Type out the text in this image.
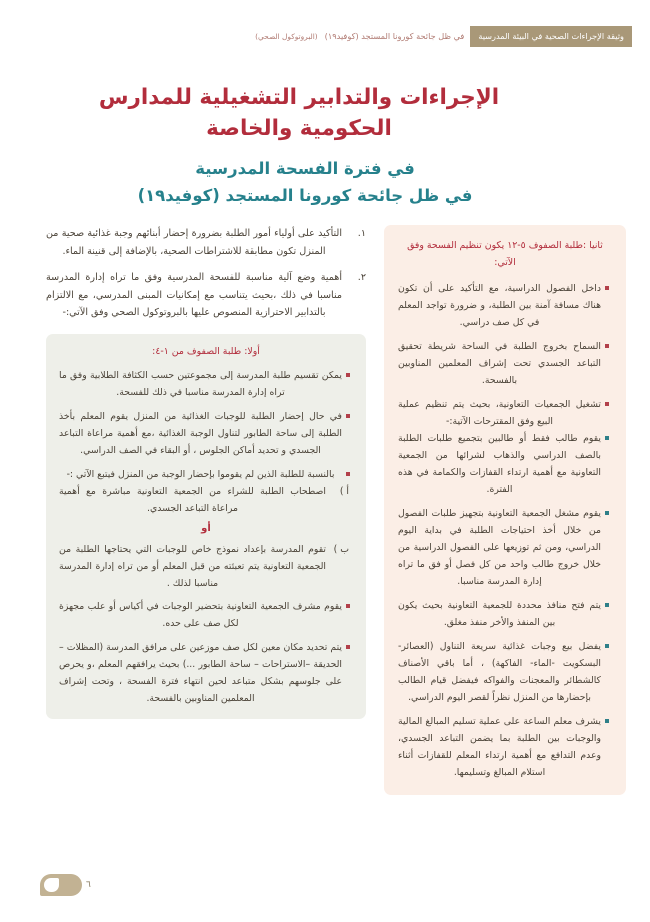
وثيقة الإجراءات الصحية في البيئة المدرسية
في ظل جائحة كورونا المستجد (كوفيد١٩)
(البروتوكول الصحي)
الإجراءات والتدابير التشغيلية للمدارس
الحكومية والخاصة
في فترة الفسحة المدرسية
في ظل جائحة كورونا المستجد (كوفيد١٩)
ثانيا :طلبة الصفوف ٥-١٢ يكون تنظيم الفسحة وفق الآتي:
داخل الفصول الدراسية، مع التأكيد على أن تكون هناك مسافة آمنة بين الطلبة، و ضرورة تواجد المعلم في كل صف دراسي.
السماح بخروج الطلبة في الساحة شريطة تحقيق التباعد الجسدي تحت إشراف المعلمين المناوبين بالفسحة.
تشغيل الجمعيات التعاونية، بحيث يتم تنظيم عملية البيع وفق المقترحات الآتية:-
يقوم طالب فقط أو طالبين بتجميع طلبات الطلبة بالصف الدراسي والذهاب لشرائها من الجمعية التعاونية مع أهمية ارتداء القفازات والكمامة في هذه الفترة.
يقوم مشغل الجمعية التعاونية بتجهيز طلبات الفصول من خلال أخذ احتياجات الطلبة في بداية اليوم الدراسي، ومن ثم توزيعها على الفصول الدراسية من خلال خروج طالب واحد من كل فصل أو فق ما تراه إدارة المدرسة مناسبا.
يتم فتح منافذ محددة للجمعية التعاونية بحيث يكون بين المنفذ والأخر منفذ مغلق.
يفضل بيع وجبات غذائية سريعة التناول (العصائر- البسكويت -الماء- الفاكهة) ، أما باقي الأصناف كالشطائر والمعجنات والفواكه فيفضل قيام الطالب بإحضارها من المنزل نظراً لقصر اليوم الدراسي.
يشرف معلم الساعة على عملية تسليم المبالغ المالية والوجبات بين الطلبة بما يضمن التباعد الجسدي، وعدم التدافع مع أهمية ارتداء المعلم للقفازات أثناء استلام المبالغ وتسليمها.
١.
التأكيد على أولياء أمور الطلبة بضرورة إحضار أبنائهم وجبة غذائية صحية من المنزل تكون مطابقة للاشتراطات الصحية، بالإضافة إلى قنينة الماء.
٢.
أهمية وضع آلية مناسبة للفسحة المدرسية وفق ما تراه إدارة المدرسة مناسبا في ذلك ،بحيث يتناسب مع إمكانيات المبنى المدرسي، مع الالتزام بالتدابير الاحترازية المنصوص عليها بالبروتوكول الصحي وفق الآتي:-
أولا: طلبة الصفوف من ١-٤:
يمكن تقسيم طلبة المدرسة إلى مجموعتين حسب الكثافة الطلابية وفق ما تراه إدارة المدرسة مناسبا في ذلك للفسحة.
في حال إحضار الطلبة للوجبات الغذائية من المنزل يقوم المعلم بأخذ الطلبة إلى ساحة الطابور لتناول الوجبة الغذائية ،مع أهمية مراعاة التباعد الجسدي و تحديد أماكن الجلوس ، أو البقاء في الصف الدراسي.
بالنسبة للطلبة الذين لم يقوموا بإحضار الوجبة من المنزل فيتبع الآتي :-
أ )
اصطحاب الطلبة للشراء من الجمعية التعاونية مباشرة مع أهمية مراعاة التباعد الجسدي.
أو
ب )
تقوم المدرسة بإعداد نموذج خاص للوجبات التي يحتاجها الطلبة من الجمعية التعاونية يتم تعبئته من قبل المعلم أو من تراه إدارة المدرسة مناسبا لذلك .
يقوم مشرف الجمعية التعاونية بتحضير الوجبات في أكياس أو علب مجهزة لكل صف على حده.
يتم تحديد مكان معين لكل صف موزعين على مرافق المدرسة (المظلات – الحديقة –الاستراحات – ساحة الطابور ...) بحيث يرافقهم المعلم ،و يحرص على جلوسهم بشكل متباعد لحين انتهاء فترة الفسحة ، وتحت إشراف المعلمين المناوبين بالفسحة.
٦
